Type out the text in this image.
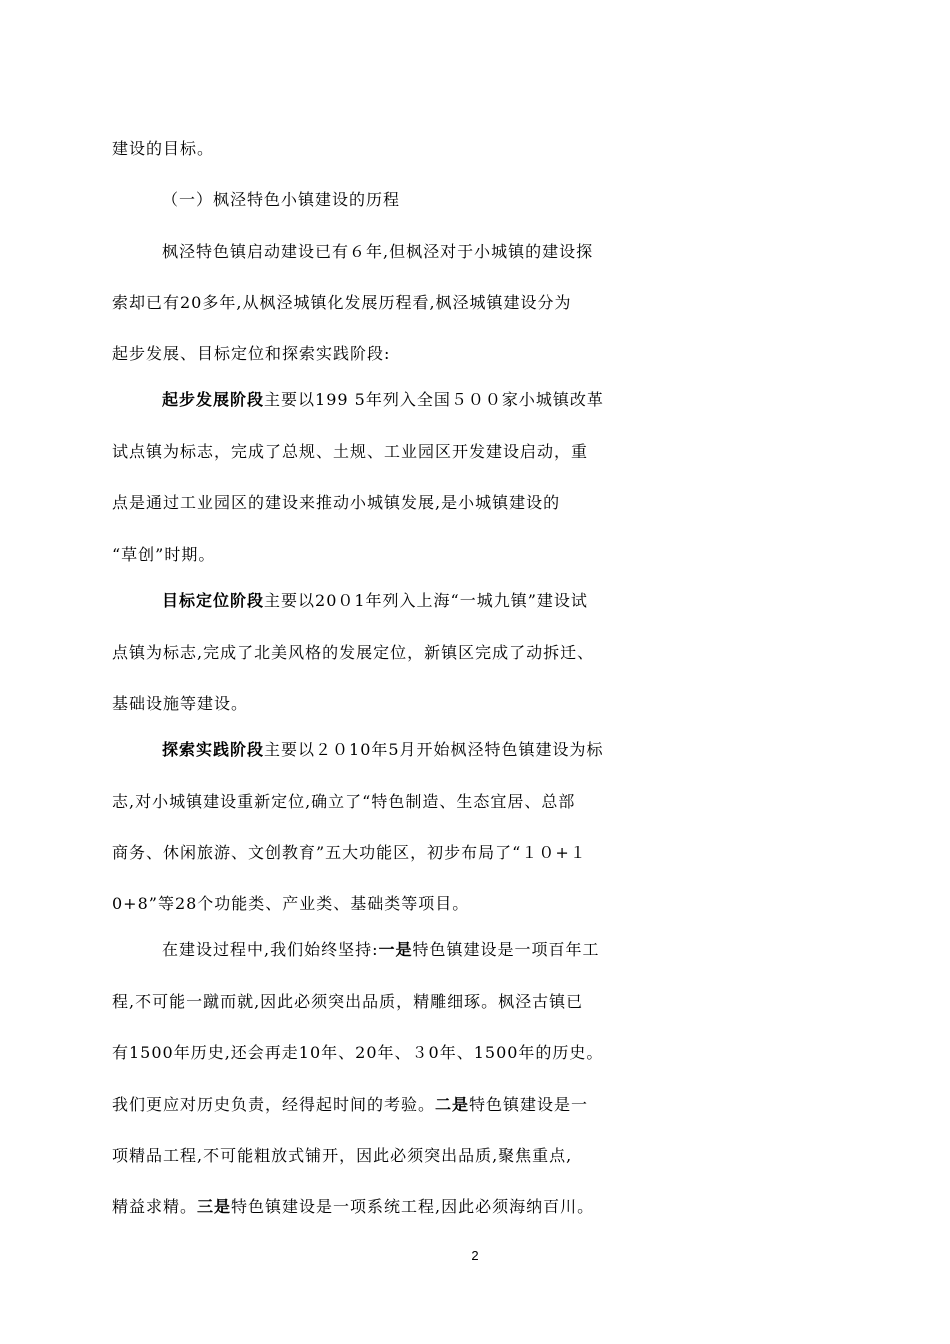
建设的目标。
（一）枫泾特色小镇建设的历程
枫泾特色镇启动建设已有６年,但枫泾对于小城镇的建设探
索却已有20多年,从枫泾城镇化发展历程看,枫泾城镇建设分为
起步发展、目标定位和探索实践阶段:
起步发展阶段主要以199 5年列入全国５００家小城镇改革
试点镇为标志，完成了总规、土规、工业园区开发建设启动，重
点是通过工业园区的建设来推动小城镇发展,是小城镇建设的
“草创”时期。
目标定位阶段主要以20０1年列入上海“一城九镇”建设试
点镇为标志,完成了北美风格的发展定位，新镇区完成了动拆迁、
基础设施等建设。
探索实践阶段主要以２０10年5月开始枫泾特色镇建设为标
志,对小城镇建设重新定位,确立了“特色制造、生态宜居、总部
商务、休闲旅游、文创教育”五大功能区，初步布局了“１０+１
0+8”等28个功能类、产业类、基础类等项目。
在建设过程中,我们始终坚持:一是特色镇建设是一项百年工
程,不可能一蹴而就,因此必须突出品质，精雕细琢。枫泾古镇已
有1500年历史,还会再走10年、20年、３0年、1500年的历史。
我们更应对历史负责，经得起时间的考验。二是特色镇建设是一
项精品工程,不可能粗放式铺开，因此必须突出品质,聚焦重点,
精益求精。三是特色镇建设是一项系统工程,因此必须海纳百川。
2
